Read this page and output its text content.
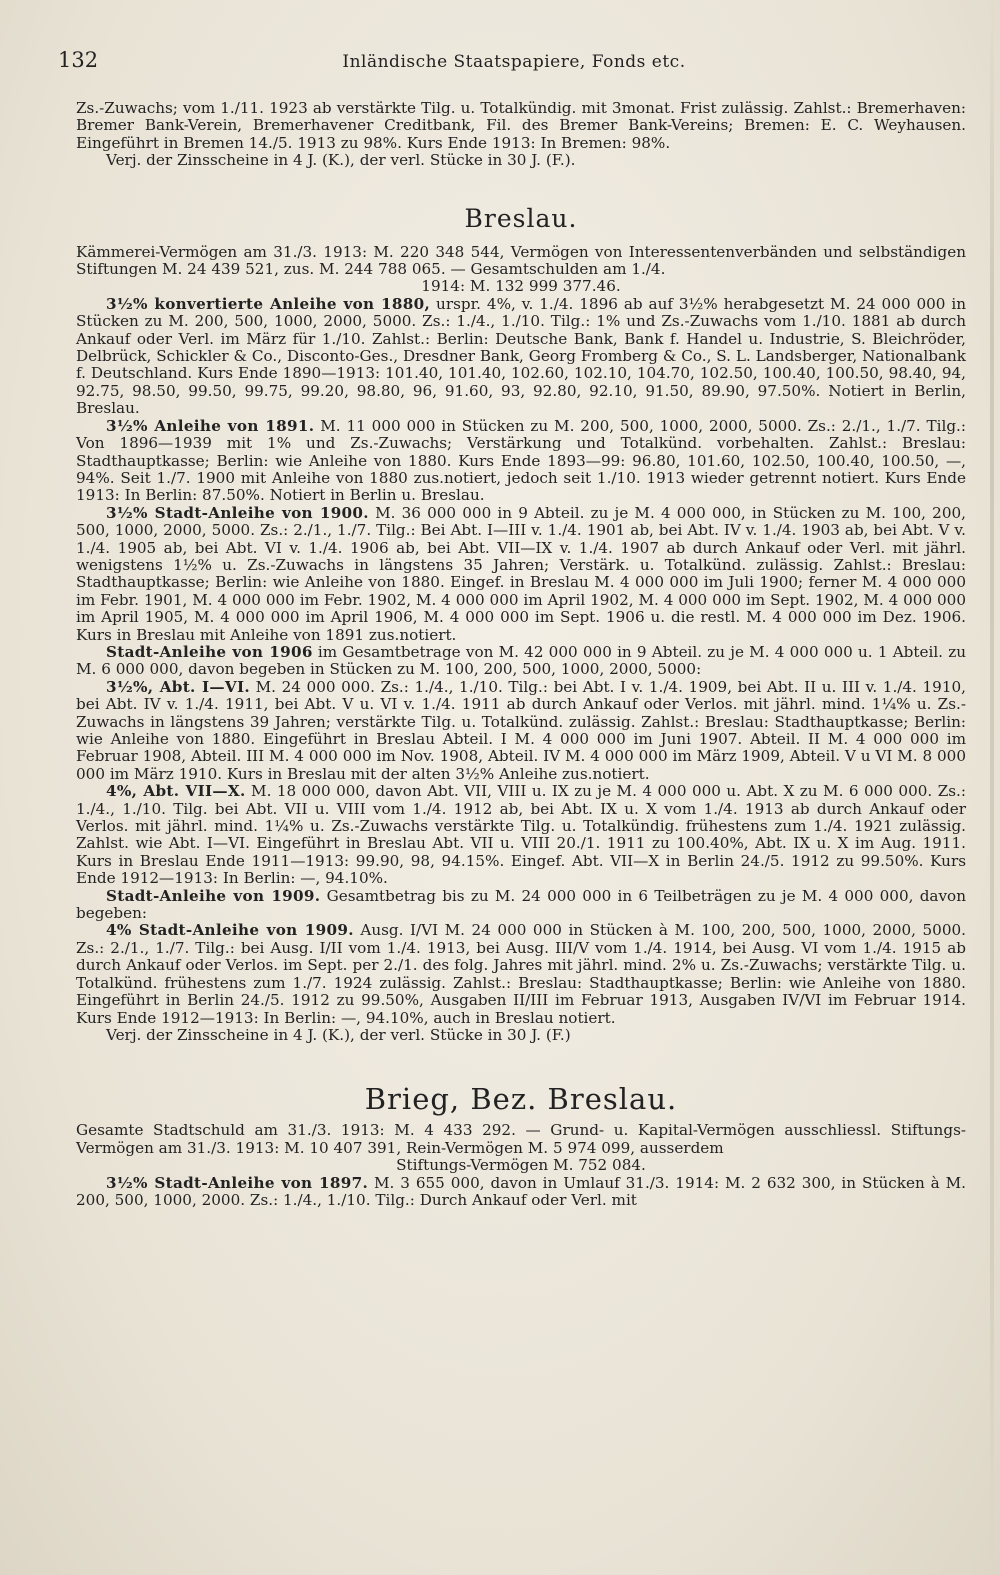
132	Inländische Staatspapiere, Fonds etc.

Zs.-Zuwachs; vom 1./11. 1923 ab verstärkte Tilg. u. Totalkündig. mit 3monat. Frist zulässig. Zahlst.: Bremerhaven: Bremer Bank-Verein, Bremerhavener Creditbank, Fil. des Bremer Bank-Vereins; Bremen: E. C. Weyhausen. Eingeführt in Bremen 14./5. 1913 zu 98%. Kurs Ende 1913: In Bremen: 98%.

Verj. der Zinsscheine in 4 J. (K.), der verl. Stücke in 30 J. (F.).

Breslau.

Kämmerei-Vermögen am 31./3. 1913: M. 220 348 544, Vermögen von Interessentenverbänden und selbständigen Stiftungen M. 24 439 521, zus. M. 244 788 065. — Gesamtschulden am 1./4.

1914: M. 132 999 377.46.

3½% konvertierte Anleihe von 1880, urspr. 4%, v. 1./4. 1896 ab auf 3½% herabgesetzt M. 24 000 000 in Stücken zu M. 200, 500, 1000, 2000, 5000. Zs.: 1./4., 1./10. Tilg.: 1% und Zs.-Zuwachs vom 1./10. 1881 ab durch Ankauf oder Verl. im März für 1./10. Zahlst.: Berlin: Deutsche Bank, Bank f. Handel u. Industrie, S. Bleichröder, Delbrück, Schickler & Co., Disconto-Ges., Dresdner Bank, Georg Fromberg & Co., S. L. Landsberger, Nationalbank f. Deutschland. Kurs Ende 1890—1913: 101.40, 101.40, 102.60, 102.10, 104.70, 102.50, 100.40, 100.50, 98.40, 94, 92.75, 98.50, 99.50, 99.75, 99.20, 98.80, 96, 91.60, 93, 92.80, 92.10, 91.50, 89.90, 97.50%. Notiert in Berlin, Breslau.

3½% Anleihe von 1891. M. 11 000 000 in Stücken zu M. 200, 500, 1000, 2000, 5000. Zs.: 2./1., 1./7. Tilg.: Von 1896—1939 mit 1% und Zs.-Zuwachs; Verstärkung und Totalkünd. vorbehalten. Zahlst.: Breslau: Stadthauptkasse; Berlin: wie Anleihe von 1880. Kurs Ende 1893—99: 96.80, 101.60, 102.50, 100.40, 100.50, —, 94%. Seit 1./7. 1900 mit Anleihe von 1880 zus.notiert, jedoch seit 1./10. 1913 wieder getrennt notiert. Kurs Ende 1913: In Berlin: 87.50%. Notiert in Berlin u. Breslau.

3½% Stadt-Anleihe von 1900. M. 36 000 000 in 9 Abteil. zu je M. 4 000 000, in Stücken zu M. 100, 200, 500, 1000, 2000, 5000. Zs.: 2./1., 1./7. Tilg.: Bei Abt. I—III v. 1./4. 1901 ab, bei Abt. IV v. 1./4. 1903 ab, bei Abt. V v. 1./4. 1905 ab, bei Abt. VI v. 1./4. 1906 ab, bei Abt. VII—IX v. 1./4. 1907 ab durch Ankauf oder Verl. mit jährl. wenigstens 1½% u. Zs.-Zuwachs in längstens 35 Jahren; Verstärk. u. Totalkünd. zulässig. Zahlst.: Breslau: Stadthauptkasse; Berlin: wie Anleihe von 1880. Eingef. in Breslau M. 4 000 000 im Juli 1900; ferner M. 4 000 000 im Febr. 1901, M. 4 000 000 im Febr. 1902, M. 4 000 000 im April 1902, M. 4 000 000 im Sept. 1902, M. 4 000 000 im April 1905, M. 4 000 000 im April 1906, M. 4 000 000 im Sept. 1906 u. die restl. M. 4 000 000 im Dez. 1906. Kurs in Breslau mit Anleihe von 1891 zus.notiert.

Stadt-Anleihe von 1906 im Gesamtbetrage von M. 42 000 000 in 9 Abteil. zu je M. 4 000 000 u. 1 Abteil. zu M. 6 000 000, davon begeben in Stücken zu M. 100, 200, 500, 1000, 2000, 5000:

3½%, Abt. I—VI. M. 24 000 000. Zs.: 1./4., 1./10. Tilg.: bei Abt. I v. 1./4. 1909, bei Abt. II u. III v. 1./4. 1910, bei Abt. IV v. 1./4. 1911, bei Abt. V u. VI v. 1./4. 1911 ab durch Ankauf oder Verlos. mit jährl. mind. 1¼% u. Zs.-Zuwachs in längstens 39 Jahren; verstärkte Tilg. u. Totalkünd. zulässig. Zahlst.: Breslau: Stadthauptkasse; Berlin: wie Anleihe von 1880. Eingeführt in Breslau Abteil. I M. 4 000 000 im Juni 1907. Abteil. II M. 4 000 000 im Februar 1908, Abteil. III M. 4 000 000 im Nov. 1908, Abteil. IV M. 4 000 000 im März 1909, Abteil. V u VI M. 8 000 000 im März 1910. Kurs in Breslau mit der alten 3½% Anleihe zus.notiert.

4%, Abt. VII—X. M. 18 000 000, davon Abt. VII, VIII u. IX zu je M. 4 000 000 u. Abt. X zu M. 6 000 000. Zs.: 1./4., 1./10. Tilg. bei Abt. VII u. VIII vom 1./4. 1912 ab, bei Abt. IX u. X vom 1./4. 1913 ab durch Ankauf oder Verlos. mit jährl. mind. 1¼% u. Zs.-Zuwachs verstärkte Tilg. u. Totalkündig. frühestens zum 1./4. 1921 zulässig. Zahlst. wie Abt. I—VI. Eingeführt in Breslau Abt. VII u. VIII 20./1. 1911 zu 100.40%, Abt. IX u. X im Aug. 1911. Kurs in Breslau Ende 1911—1913: 99.90, 98, 94.15%. Eingef. Abt. VII—X in Berlin 24./5. 1912 zu 99.50%. Kurs Ende 1912—1913: In Berlin: —, 94.10%.

Stadt-Anleihe von 1909. Gesamtbetrag bis zu M. 24 000 000 in 6 Teilbeträgen zu je M. 4 000 000, davon begeben:

4% Stadt-Anleihe von 1909. Ausg. I/VI M. 24 000 000 in Stücken à M. 100, 200, 500, 1000, 2000, 5000. Zs.: 2./1., 1./7. Tilg.: bei Ausg. I/II vom 1./4. 1913, bei Ausg. III/V vom 1./4. 1914, bei Ausg. VI vom 1./4. 1915 ab durch Ankauf oder Verlos. im Sept. per 2./1. des folg. Jahres mit jährl. mind. 2% u. Zs.-Zuwachs; verstärkte Tilg. u. Totalkünd. frühestens zum 1./7. 1924 zulässig. Zahlst.: Breslau: Stadthauptkasse; Berlin: wie Anleihe von 1880. Eingeführt in Berlin 24./5. 1912 zu 99.50%, Ausgaben II/III im Februar 1913, Ausgaben IV/VI im Februar 1914. Kurs Ende 1912—1913: In Berlin: —, 94.10%, auch in Breslau notiert.

Verj. der Zinsscheine in 4 J. (K.), der verl. Stücke in 30 J. (F.)

Brieg, Bez. Breslau.

Gesamte Stadtschuld am 31./3. 1913: M. 4 433 292. — Grund- u. Kapital-Vermögen ausschliessl. Stiftungs-Vermögen am 31./3. 1913: M. 10 407 391, Rein-Vermögen M. 5 974 099, ausserdem

Stiftungs-Vermögen M. 752 084.

3½% Stadt-Anleihe von 1897. M. 3 655 000, davon in Umlauf 31./3. 1914: M. 2 632 300, in Stücken à M. 200, 500, 1000, 2000. Zs.: 1./4., 1./10. Tilg.: Durch Ankauf oder Verl. mit
